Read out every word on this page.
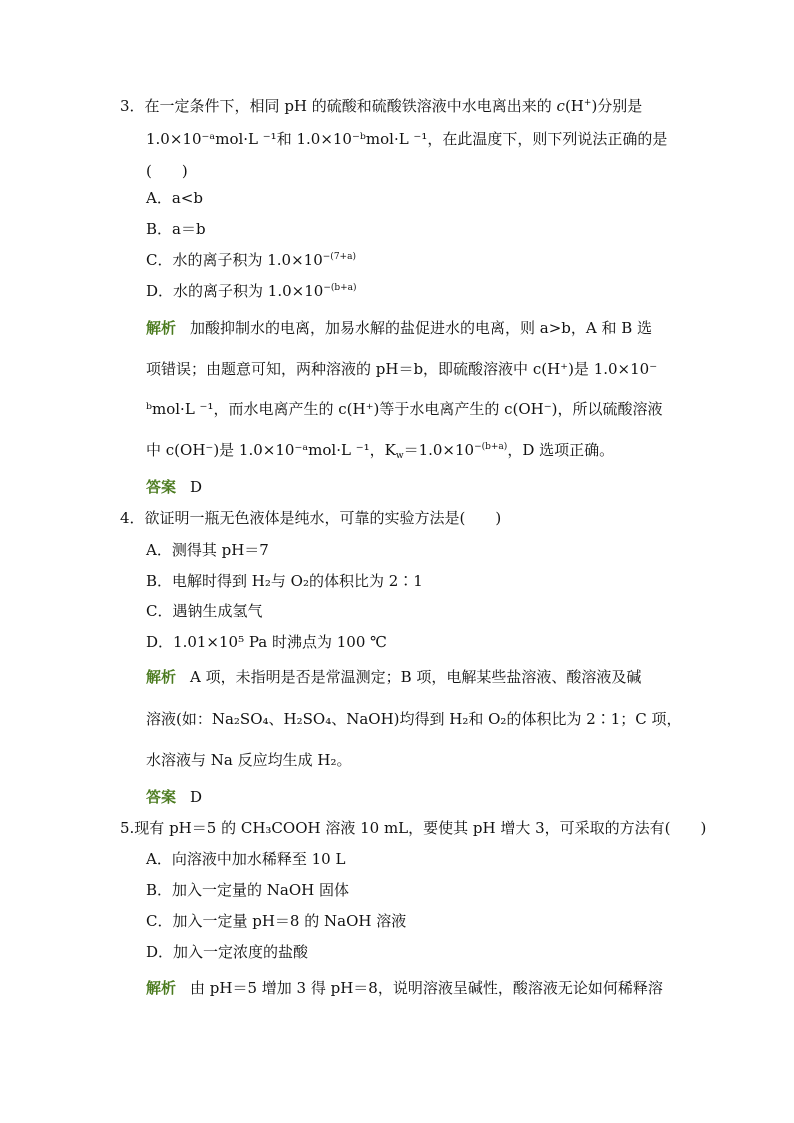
3．在一定条件下，相同 pH 的硫酸和硫酸铁溶液中水电离出来的 c(H+)分别是
1.0×10⁻ᵃmol·L ⁻¹和 1.0×10⁻ᵇmol·L ⁻¹，在此温度下，则下列说法正确的是
(　　)
A．a<b
B．a＝b
C．水的离子积为 $1.0\times 10^{-(7+a)}$
D．水的离子积为 $1.0\times 10^{-(b+a)}$
解析 加酸抑制水的电离，加易水解的盐促进水的电离，则 a>b，A 和 B 选
项错误；由题意可知，两种溶液的 pH＝b，即硫酸溶液中 c(H⁺)是 1.0×10⁻
ᵇmol·L ⁻¹，而水电离产生的 c(H⁺)等于水电离产生的 c(OH⁻)，所以硫酸溶液
中 c(OH⁻)是 1.0×10⁻ᵃmol·L ⁻¹，$K_w=1.0\times 10^{-(b+a)}$，D 选项正确。
答案 D
4．欲证明一瓶无色液体是纯水，可靠的实验方法是(　　)
A．测得其 pH＝7
B．电解时得到 H₂与 O₂的体积比为 2∶1
C．遇钠生成氢气
D．1.01×10⁵ Pa 时沸点为 100 ℃
解析 A 项，未指明是否是常温测定；B 项，电解某些盐溶液、酸溶液及碱
溶液(如：Na₂SO₄、H₂SO₄、NaOH)均得到 H₂和 O₂的体积比为 2∶1；C 项，
水溶液与 Na 反应均生成 H₂。
答案 D
5.现有 pH＝5 的 CH₃COOH 溶液 10 mL，要使其 pH 增大 3，可采取的方法有(　　)
A．向溶液中加水稀释至 10 L
B．加入一定量的 NaOH 固体
C．加入一定量 pH＝8 的 NaOH 溶液
D．加入一定浓度的盐酸
解析 由 pH＝5 增加 3 得 pH＝8，说明溶液呈碱性，酸溶液无论如何稀释溶
